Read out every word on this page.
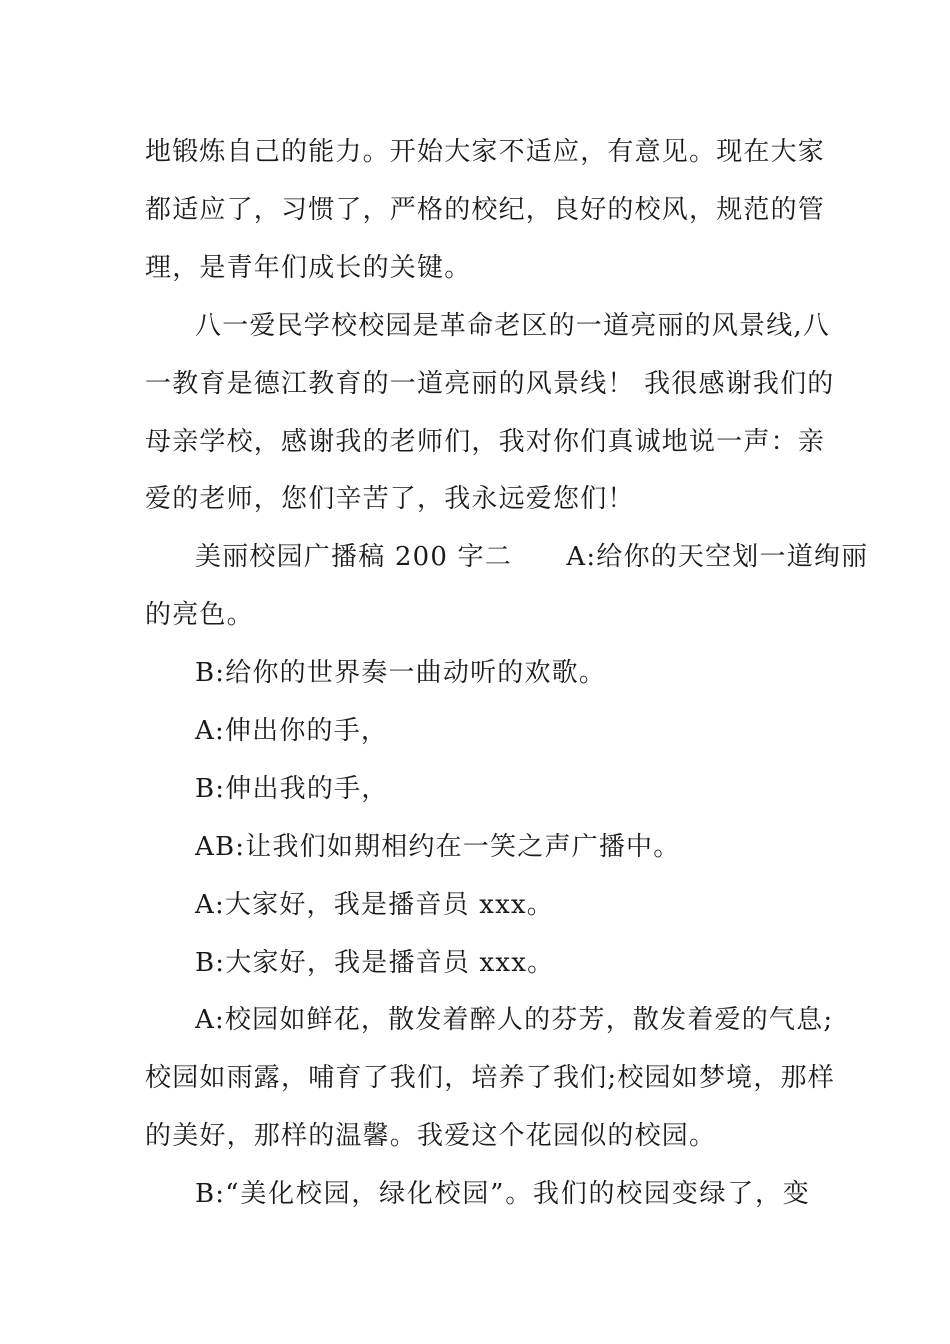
地锻炼自己的能力。开始大家不适应，有意见。现在大家
都适应了，习惯了，严格的校纪，良好的校风，规范的管
理，是青年们成长的关键。
八一爱民学校校园是革命老区的一道亮丽的风景线,八
一教育是德江教育的一道亮丽的风景线！ 我很感谢我们的
母亲学校，感谢我的老师们，我对你们真诚地说一声：亲
爱的老师，您们辛苦了，我永远爱您们！
美丽校园广播稿 200 字二　　A:给你的天空划一道绚丽
的亮色。
B:给你的世界奏一曲动听的欢歌。
A:伸出你的手，
B:伸出我的手，
AB:让我们如期相约在一笑之声广播中。
A:大家好，我是播音员 xxx。
B:大家好，我是播音员 xxx。
A:校园如鲜花，散发着醉人的芬芳，散发着爱的气息;
校园如雨露，哺育了我们，培养了我们;校园如梦境，那样
的美好，那样的温馨。我爱这个花园似的校园。
B:“美化校园，绿化校园”。我们的校园变绿了，变
